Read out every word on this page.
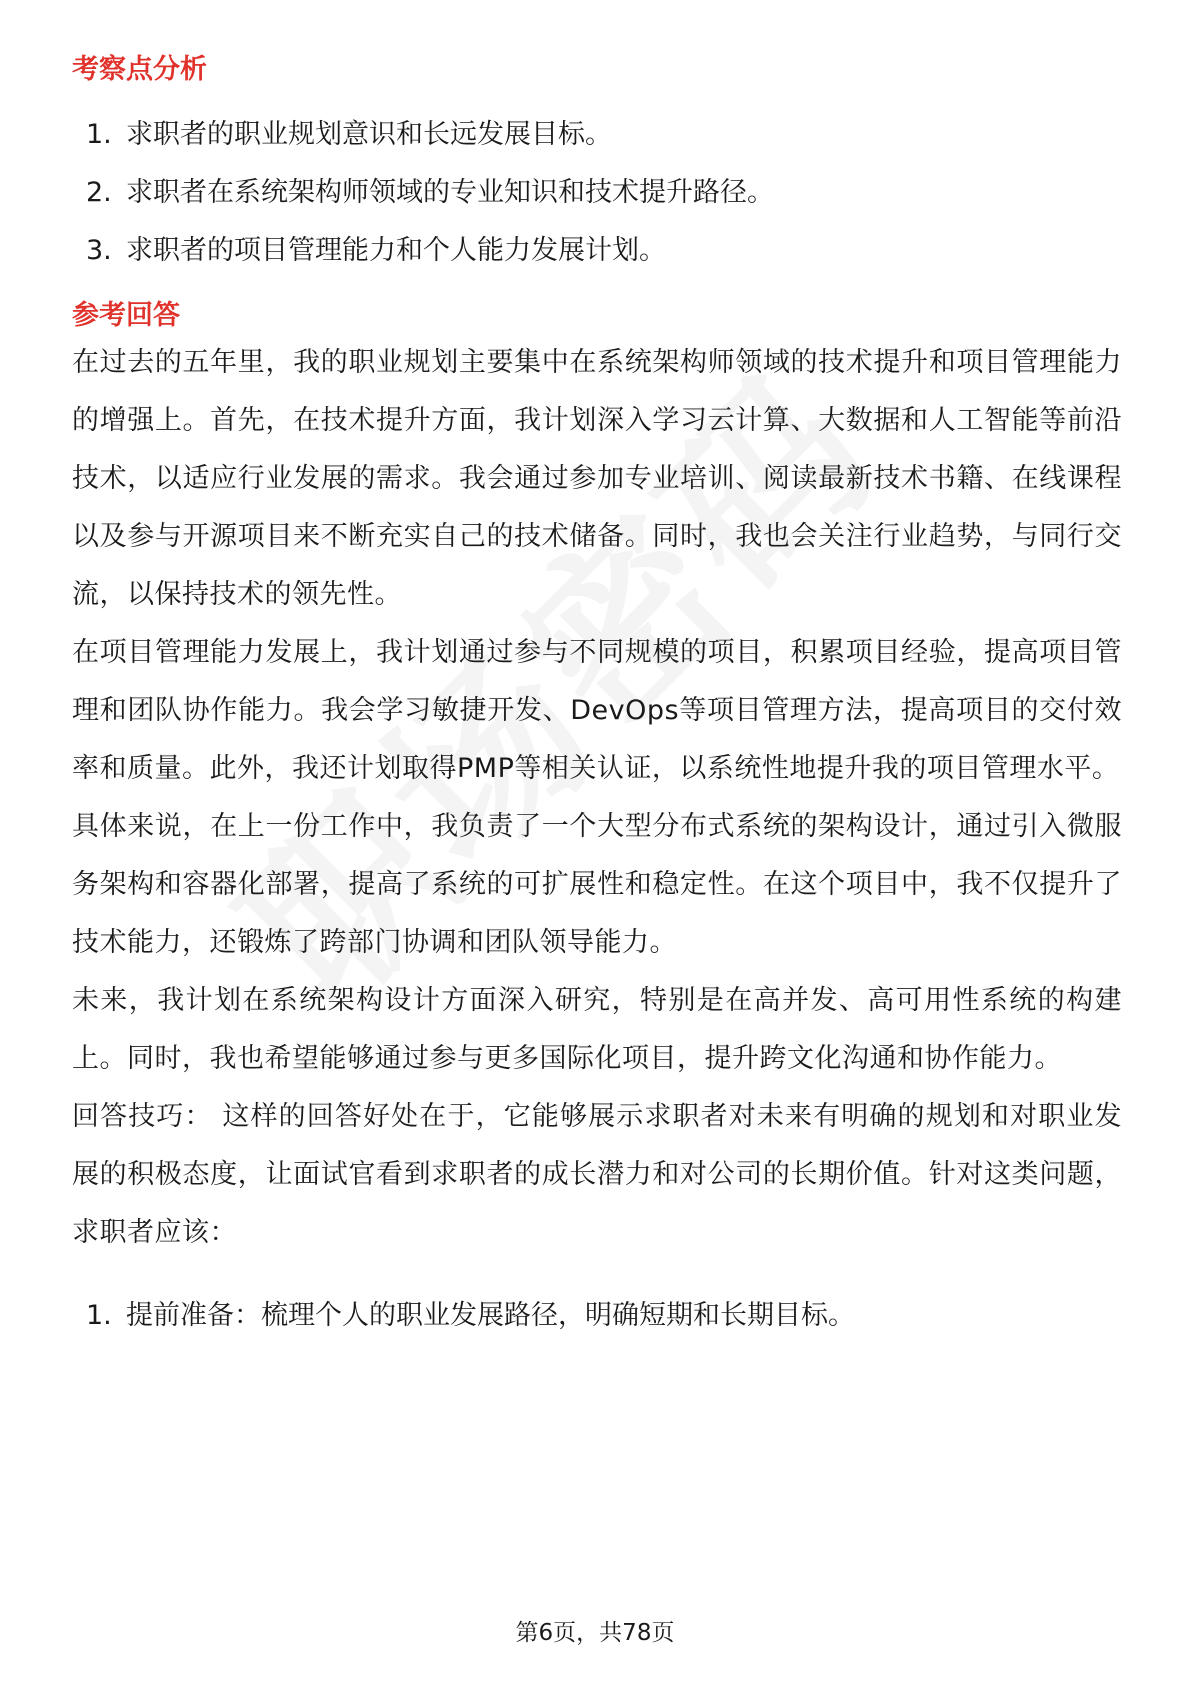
考察点分析
1. 求职者的职业规划意识和长远发展目标。
2. 求职者在系统架构师领域的专业知识和技术提升路径。
3. 求职者的项目管理能力和个人能力发展计划。
参考回答

在过去的五年里，我的职业规划主要集中在系统架构师领域的技术提升和项目管理能力的增强上。首先，在技术提升方面，我计划深入学习云计算、大数据和人工智能等前沿技术，以适应行业发展的需求。我会通过参加专业培训、阅读最新技术书籍、在线课程以及参与开源项目来不断充实自己的技术储备。同时，我也会关注行业趋势，与同行交流，以保持技术的领先性。

在项目管理能力发展上，我计划通过参与不同规模的项目，积累项目经验，提高项目管理和团队协作能力。我会学习敏捷开发、DevOps等项目管理方法，提高项目的交付效率和质量。此外，我还计划取得PMP等相关认证，以系统性地提升我的项目管理水平。

具体来说，在上一份工作中，我负责了一个大型分布式系统的架构设计，通过引入微服务架构和容器化部署，提高了系统的可扩展性和稳定性。在这个项目中，我不仅提升了技术能力，还锻炼了跨部门协调和团队领导能力。

未来，我计划在系统架构设计方面深入研究，特别是在高并发、高可用性系统的构建上。同时，我也希望能够通过参与更多国际化项目，提升跨文化沟通和协作能力。

回答技巧： 这样的回答好处在于，它能够展示求职者对未来有明确的规划和对职业发展的积极态度，让面试官看到求职者的成长潜力和对公司的长期价值。针对这类问题，求职者应该：

1. 提前准备：梳理个人的职业发展路径，明确短期和长期目标。
第6页，共78页
